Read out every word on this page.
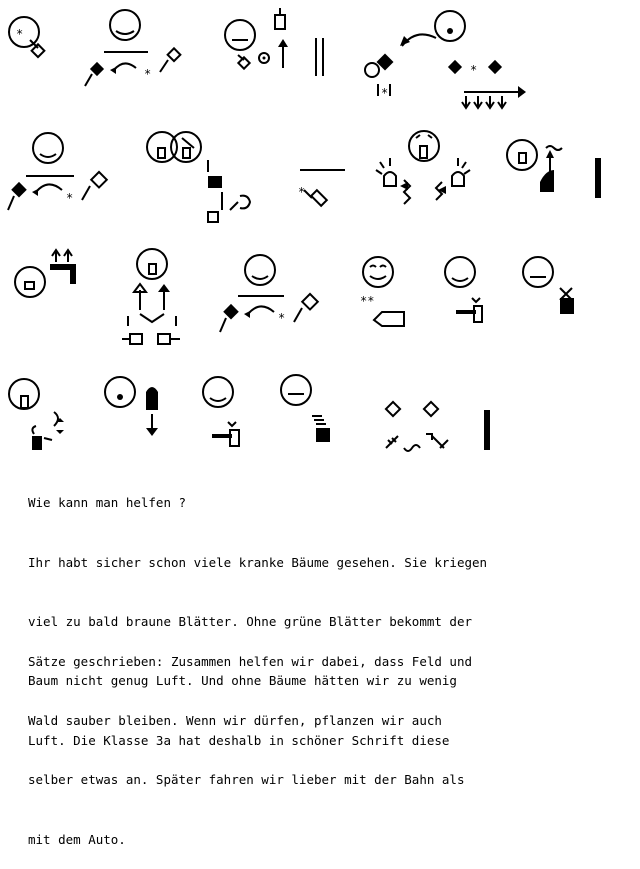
*
*
*
*
*	*
*
**
Wie kann man helfen ?

Ihr habt sicher schon viele kranke Bäume gesehen. Sie kriegen

viel zu bald braune Blätter. Ohne grüne Blätter bekommt der

Baum nicht genug Luft. Und ohne Bäume hätten wir zu wenig

Luft. Die Klasse 3a hat deshalb in schöner Schrift diese

Sätze geschrieben: Zusammen helfen wir dabei, dass Feld und

Wald sauber bleiben. Wenn wir dürfen, pflanzen wir auch

selber etwas an. Später fahren wir lieber mit der Bahn als

mit dem Auto.
